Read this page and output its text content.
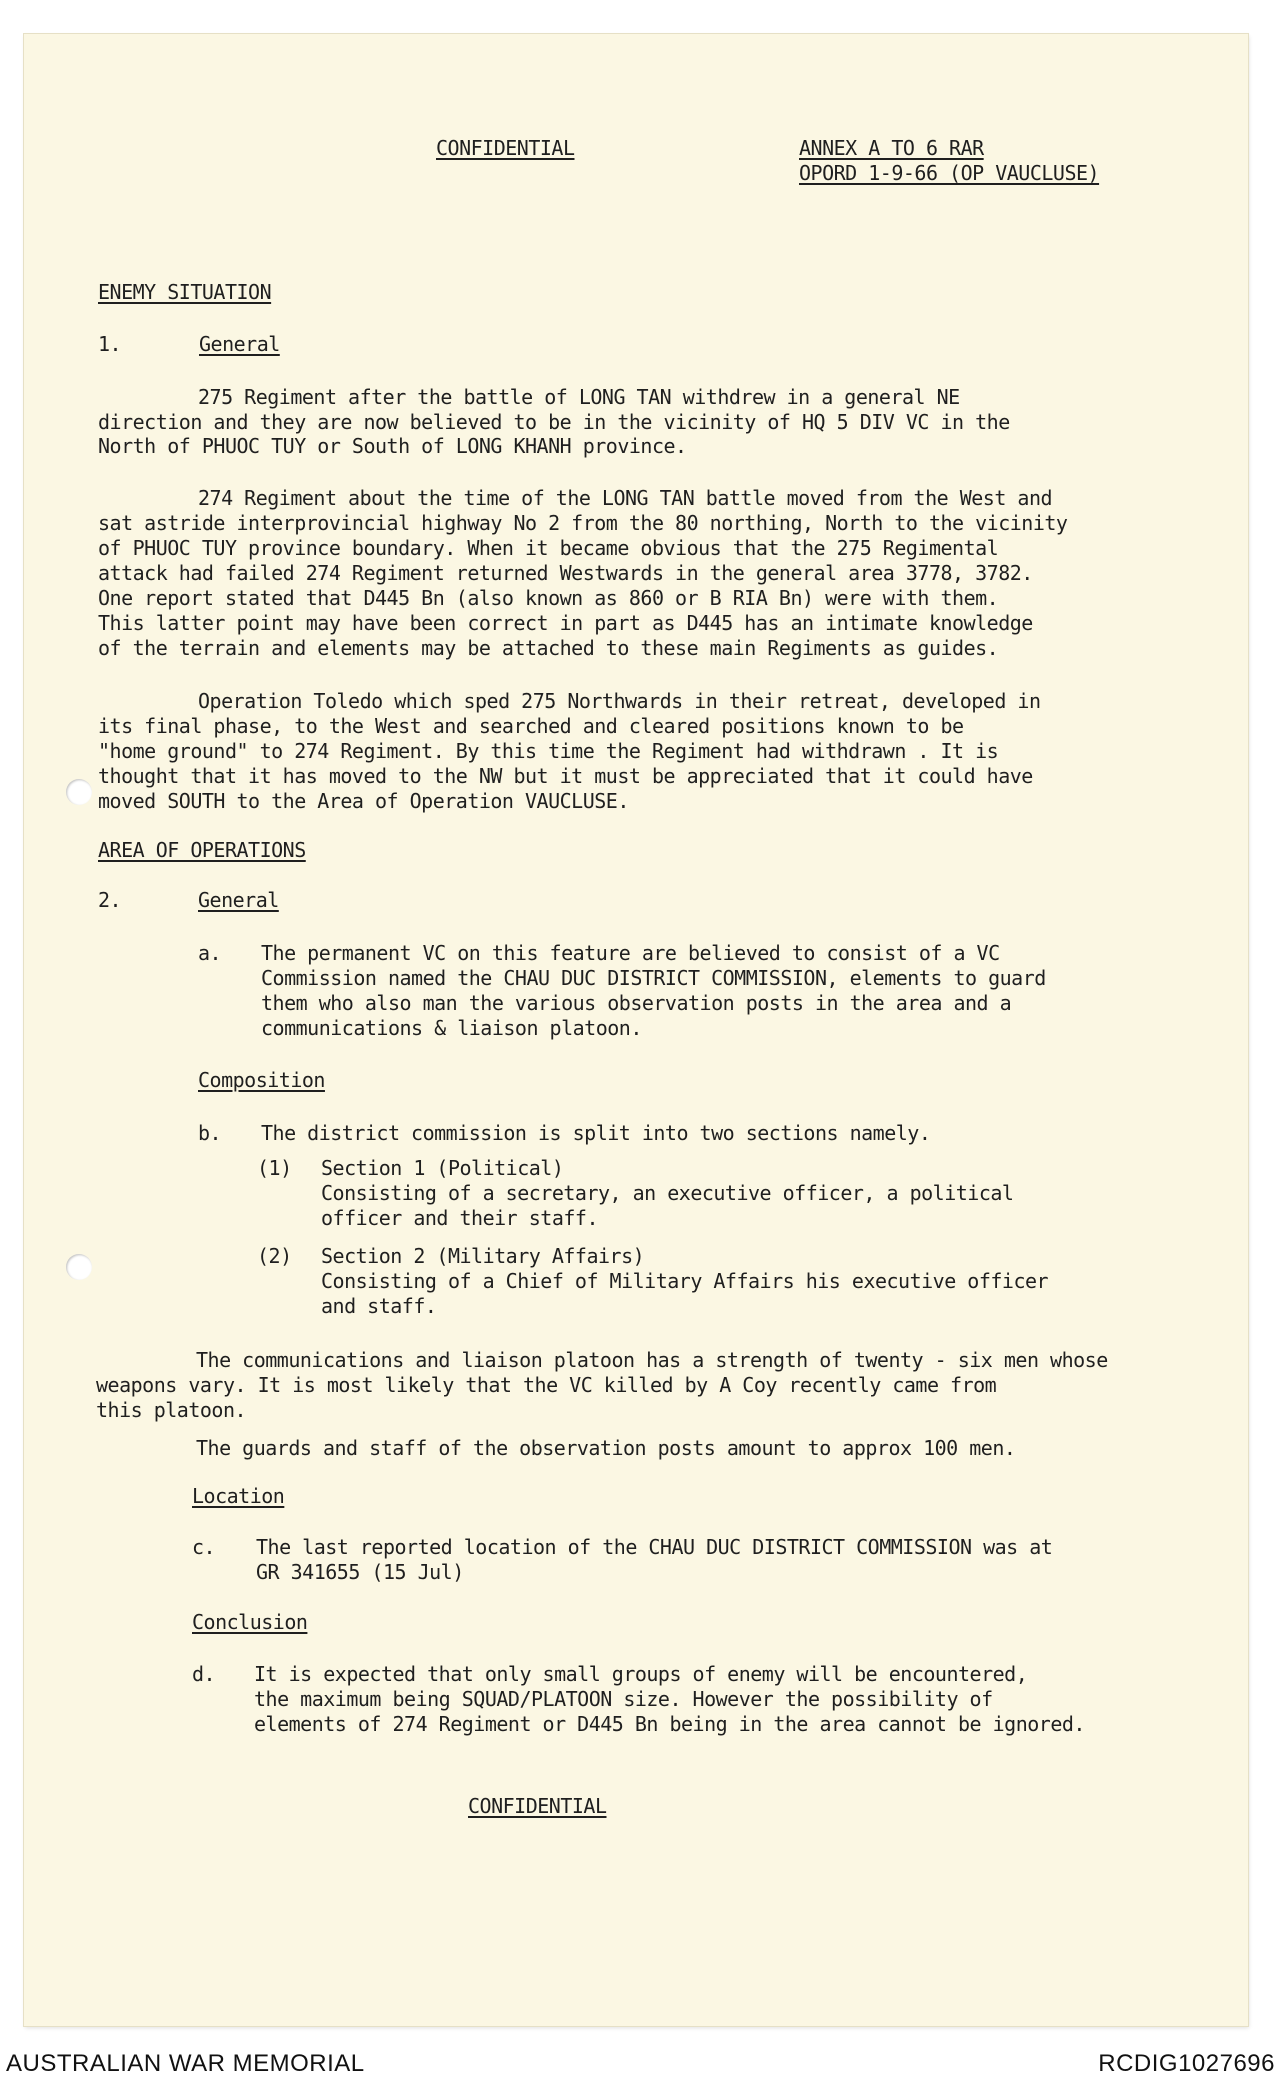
CONFIDENTIAL	ANNEX A TO 6 RAR

OPORD 1-9-66 (OP VAUCLUSE)

ENEMY SITUATION

1.	General

275 Regiment after the battle of LONG TAN withdrew in a general NE

direction and they are now believed to be in the vicinity of HQ 5 DIV VC in the

North of PHUOC TUY or South of LONG KHANH province.

274 Regiment about the time of the LONG TAN battle moved from the West and

sat astride interprovincial highway No 2 from the 80 northing, North to the vicinity

of PHUOC TUY province boundary. When it became obvious that the 275 Regimental

attack had failed 274 Regiment returned Westwards in the general area 3778, 3782.

One report stated that D445 Bn (also known as 860 or B RIA Bn) were with them.

This latter point may have been correct in part as D445 has an intimate knowledge

of the terrain and elements may be attached to these main Regiments as guides.

Operation Toledo which sped 275 Northwards in their retreat, developed in

its final phase, to the West and searched and cleared positions known to be

"home ground" to 274 Regiment. By this time the Regiment had withdrawn . It is

thought that it has moved to the NW but it must be appreciated that it could have

moved SOUTH to the Area of Operation VAUCLUSE.

AREA OF OPERATIONS

2.	General

a. The permanent VC on this feature are believed to consist of a VC

Commission named the CHAU DUC DISTRICT COMMISSION, elements to guard

them who also man the various observation posts in the area and a

communications & liaison platoon.

Composition

b. The district commission is split into two sections namely.

(1) Section 1 (Political)

Consisting of a secretary, an executive officer, a political

officer and their staff.

(2) Section 2 (Military Affairs)

Consisting of a Chief of Military Affairs his executive officer

and staff.

The communications and liaison platoon has a strength of twenty - six men whose

weapons vary. It is most likely that the VC killed by A Coy recently came from

this platoon.

The guards and staff of the observation posts amount to approx 100 men.

Location

c. The last reported location of the CHAU DUC DISTRICT COMMISSION was at

GR 341655 (15 Jul)

Conclusion

d. It is expected that only small groups of enemy will be encountered,

the maximum being SQUAD/PLATOON size. However the possibility of

elements of 274 Regiment or D445 Bn being in the area cannot be ignored.

CONFIDENTIAL

AUSTRALIAN WAR MEMORIAL	RCDIG1027696
